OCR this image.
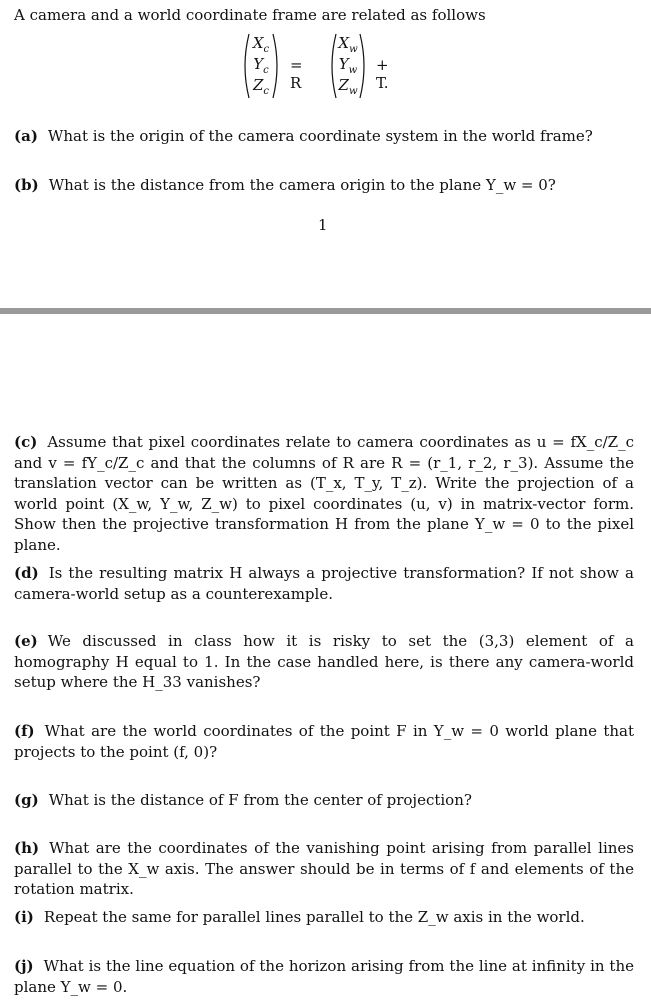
A camera and a world coordinate frame are related as follows
$X_c$
$Y_c$
$Z_c$
= R
$X_w$
$Y_w$
$Z_w$
+ T.
(a) What is the origin of the camera coordinate system in the world frame?
(b) What is the distance from the camera origin to the plane Y_w = 0?
1
(c) Assume that pixel coordinates relate to camera coordinates as u = fX_c/Z_c and v = fY_c/Z_c and that the columns of R are R = (r_1, r_2, r_3). Assume the translation vector can be written as (T_x, T_y, T_z). Write the projection of a world point (X_w, Y_w, Z_w) to pixel coordinates (u, v) in matrix-vector form. Show then the projective transformation H from the plane Y_w = 0 to the pixel plane.
(d) Is the resulting matrix H always a projective transformation? If not show a camera-world setup as a counterexample.
(e) We discussed in class how it is risky to set the (3,3) element of a homography H equal to 1. In the case handled here, is there any camera-world setup where the H_33 vanishes?
(f) What are the world coordinates of the point F in Y_w = 0 world plane that projects to the point (f, 0)?
(g) What is the distance of F from the center of projection?
(h) What are the coordinates of the vanishing point arising from parallel lines parallel to the X_w axis. The answer should be in terms of f and elements of the rotation matrix.
(i) Repeat the same for parallel lines parallel to the Z_w axis in the world.
(j) What is the line equation of the horizon arising from the line at infinity in the plane Y_w = 0.
